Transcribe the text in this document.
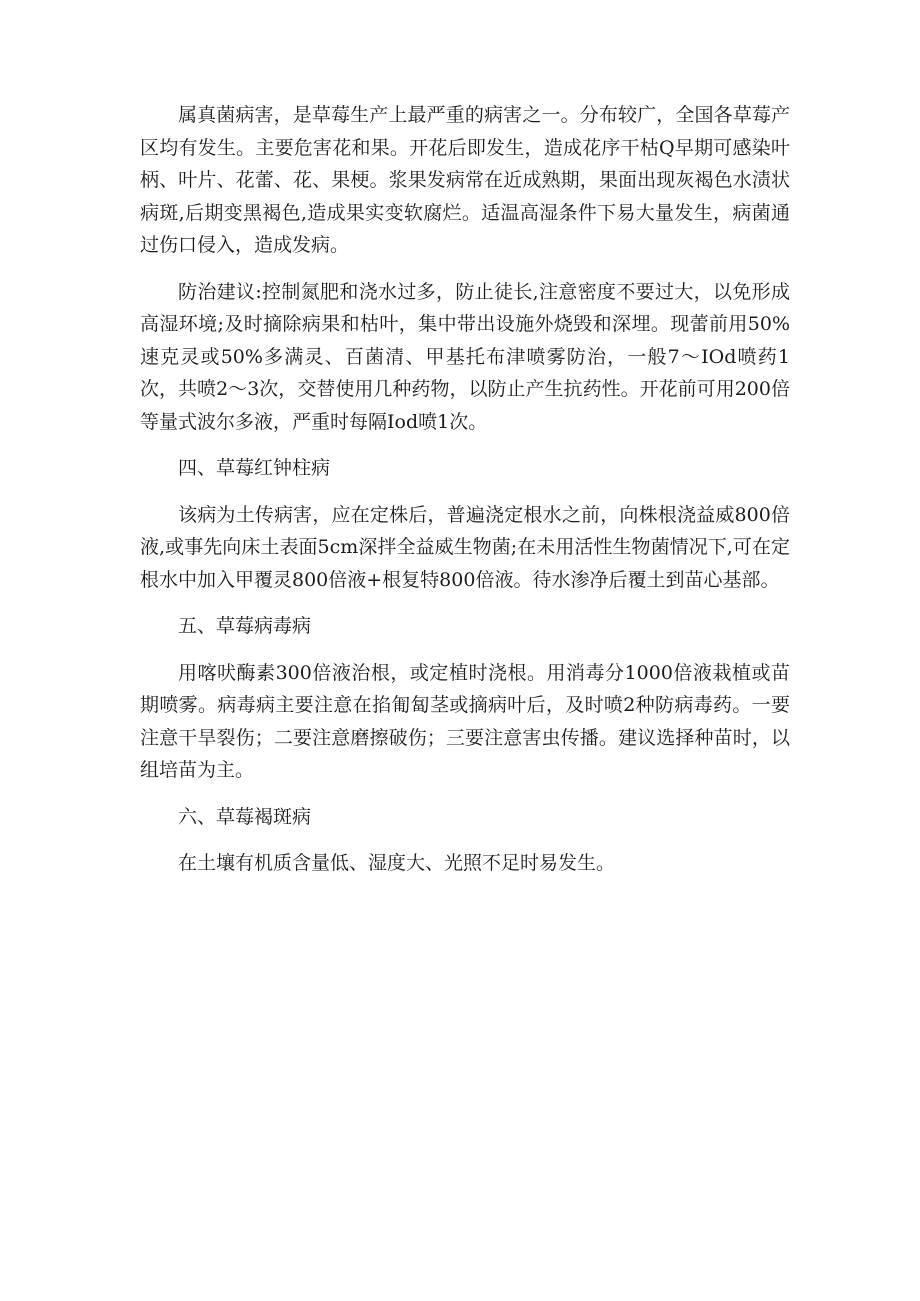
属真菌病害，是草莓生产上最严重的病害之一。分布较广，全国各草莓产区均有发生。主要危害花和果。开花后即发生，造成花序干枯Q早期可感染叶柄、叶片、花蕾、花、果梗。浆果发病常在近成熟期，果面出现灰褐色水渍状病斑,后期变黑褐色,造成果实变软腐烂。适温高湿条件下易大量发生，病菌通过伤口侵入，造成发病。

防治建议:控制氮肥和浇水过多，防止徒长,注意密度不要过大，以免形成高湿环境;及时摘除病果和枯叶，集中带出设施外烧毁和深埋。现蕾前用50%速克灵或50%多满灵、百菌清、甲基托布津喷雾防治，一般7～IOd喷药1次，共喷2～3次，交替使用几种药物，以防止产生抗药性。开花前可用200倍等量式波尔多液，严重时每隔Iod喷1次。

四、草莓红钟柱病

该病为土传病害，应在定株后，普遍浇定根水之前，向株根浇益威800倍液,或事先向床土表面5cm深拌全益威生物菌;在未用活性生物菌情况下,可在定根水中加入甲覆灵800倍液+根复特800倍液。待水渗净后覆土到苗心基部。

五、草莓病毒病

用喀吠酶素300倍液治根，或定植时浇根。用消毒分1000倍液栽植或苗期喷雾。病毒病主要注意在掐匍匐茎或摘病叶后，及时喷2种防病毒药。一要注意干旱裂伤；二要注意磨擦破伤；三要注意害虫传播。建议选择种苗时，以组培苗为主。

六、草莓褐斑病

在土壤有机质含量低、湿度大、光照不足时易发生。
